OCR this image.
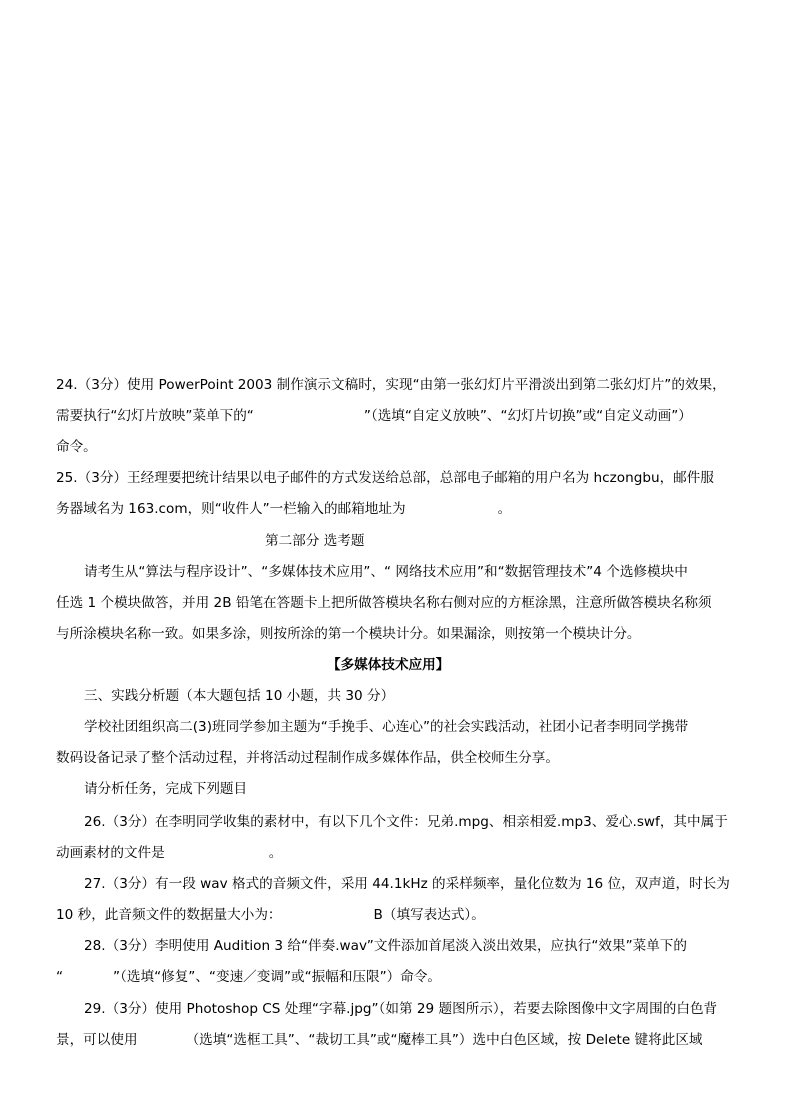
24.（3分）使用 PowerPoint 2003 制作演示文稿时，实现“由第一张幻灯片平滑淡出到第二张幻灯片”的效果，
需要执行“幻灯片放映”菜单下的“	”（选填“自定义放映”、“幻灯片切换”或“自定义动画”）
命令。
25.（3分）王经理要把统计结果以电子邮件的方式发送给总部，总部电子邮箱的用户名为 hczongbu，邮件服
务器域名为 163.com，则“收件人”一栏输入的邮箱地址为	。
第二部分 选考题
请考生从“算法与程序设计”、“多媒体技术应用”、“ 网络技术应用”和“数据管理技术”4 个选修模块中
任选 1 个模块做答，并用 2B 铅笔在答题卡上把所做答模块名称右侧对应的方框涂黑，注意所做答模块名称须
与所涂模块名称一致。如果多涂，则按所涂的第一个模块计分。如果漏涂，则按第一个模块计分。
【多媒体技术应用】
三、实践分析题（本大题包括 10 小题，共 30 分）
学校社团组织高二(3)班同学参加主题为“手挽手、心连心”的社会实践活动，社团小记者李明同学携带
数码设备记录了整个活动过程，并将活动过程制作成多媒体作品，供全校师生分享。
请分析任务，完成下列题目
26.（3分）在李明同学收集的素材中，有以下几个文件：兄弟.mpg、相亲相爱.mp3、爱心.swf，其中属于
动画素材的文件是	。
27.（3分）有一段 wav 格式的音频文件，采用 44.1kHz 的采样频率，量化位数为 16 位，双声道，时长为
10 秒，此音频文件的数据量大小为：	B（填写表达式）。
28.（3分）李明使用 Audition 3 给“伴奏.wav”文件添加首尾淡入淡出效果，应执行“效果”菜单下的
“	”（选填“修复”、“变速／变调”或“振幅和压限”）命令。
29.（3分）使用 Photoshop CS 处理“字幕.jpg”（如第 29 题图所示），若要去除图像中文字周围的白色背
景，可以使用	（选填“选框工具”、“裁切工具”或“魔棒工具”）选中白色区域，按 Delete 键将此区域
